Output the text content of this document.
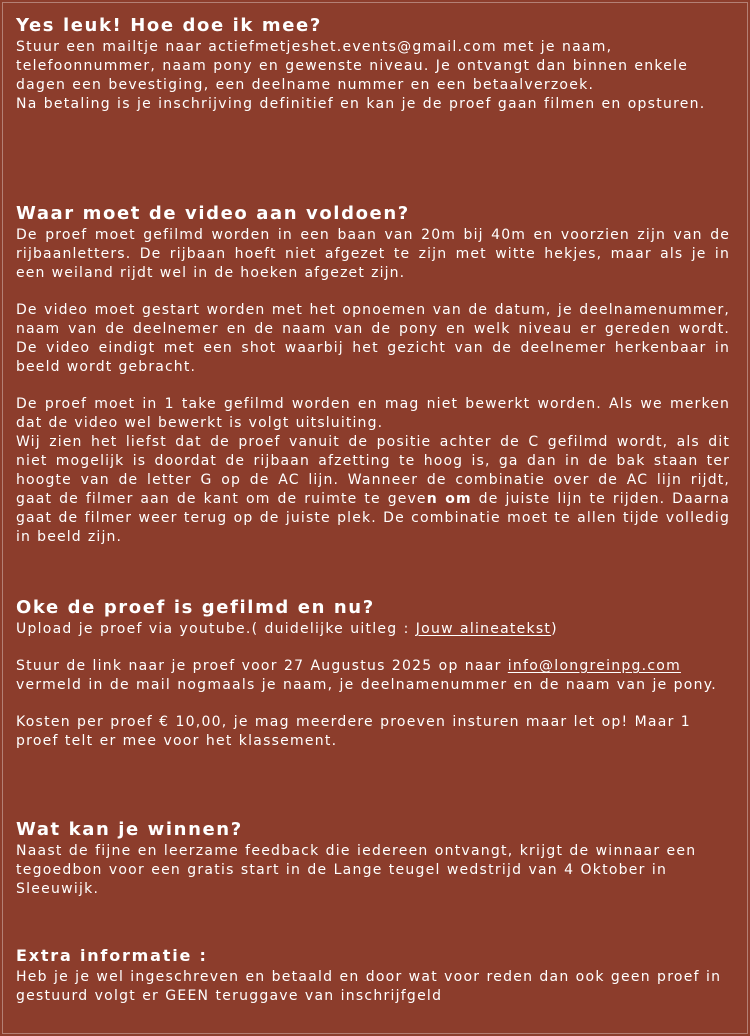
Yes leuk! Hoe doe ik mee?

Stuur een mailtje naar actiefmetjeshet.events@gmail.com met je naam, telefoonnummer, naam pony en gewenste niveau. Je ontvangt dan binnen enkele dagen een bevestiging, een deelname nummer en een betaalverzoek.

Na betaling is je inschrijving definitief en kan je de proef gaan filmen en opsturen.

Waar moet de video aan voldoen?

De proef moet gefilmd worden in een baan van 20m bij 40m en voorzien zijn van de rijbaanletters. De rijbaan hoeft niet afgezet te zijn met witte hekjes, maar als je in een weiland rijdt wel in de hoeken afgezet zijn.

De video moet gestart worden met het opnoemen van de datum, je deelnamenummer, naam van de deelnemer en de naam van de pony en welk niveau er gereden wordt. De video eindigt met een shot waarbij het gezicht van de deelnemer herkenbaar in beeld wordt gebracht.

De proef moet in 1 take gefilmd worden en mag niet bewerkt worden. Als we merken dat de video wel bewerkt is volgt uitsluiting.

Wij zien het liefst dat de proef vanuit de positie achter de C gefilmd wordt, als dit niet mogelijk is doordat de rijbaan afzetting te hoog is, ga dan in de bak staan ter hoogte van de letter G op de AC lijn. Wanneer de combinatie over de AC lijn rijdt, gaat de filmer aan de kant om de ruimte te geven om de juiste lijn te rijden. Daarna gaat de filmer weer terug op de juiste plek. De combinatie moet te allen tijde volledig in beeld zijn.

Oke de proef is gefilmd en nu?

Upload je proef via youtube.( duidelijke uitleg : Jouw alineatekst)

Stuur de link naar je proef voor 27 Augustus 2025 op naar info@longreinpg.com vermeld in de mail nogmaals je naam, je deelnamenummer en de naam van je pony.

Kosten per proef € 10,00, je mag meerdere proeven insturen maar let op! Maar 1 proef telt er mee voor het klassement.

Wat kan je winnen?

Naast de fijne en leerzame feedback die iedereen ontvangt, krijgt de winnaar een tegoedbon voor een gratis start in de Lange teugel wedstrijd van 4 Oktober in Sleeuwijk.

Extra informatie :

Heb je je wel ingeschreven en betaald en door wat voor reden dan ook geen proef in gestuurd volgt er GEEN teruggave van inschrijfgeld
